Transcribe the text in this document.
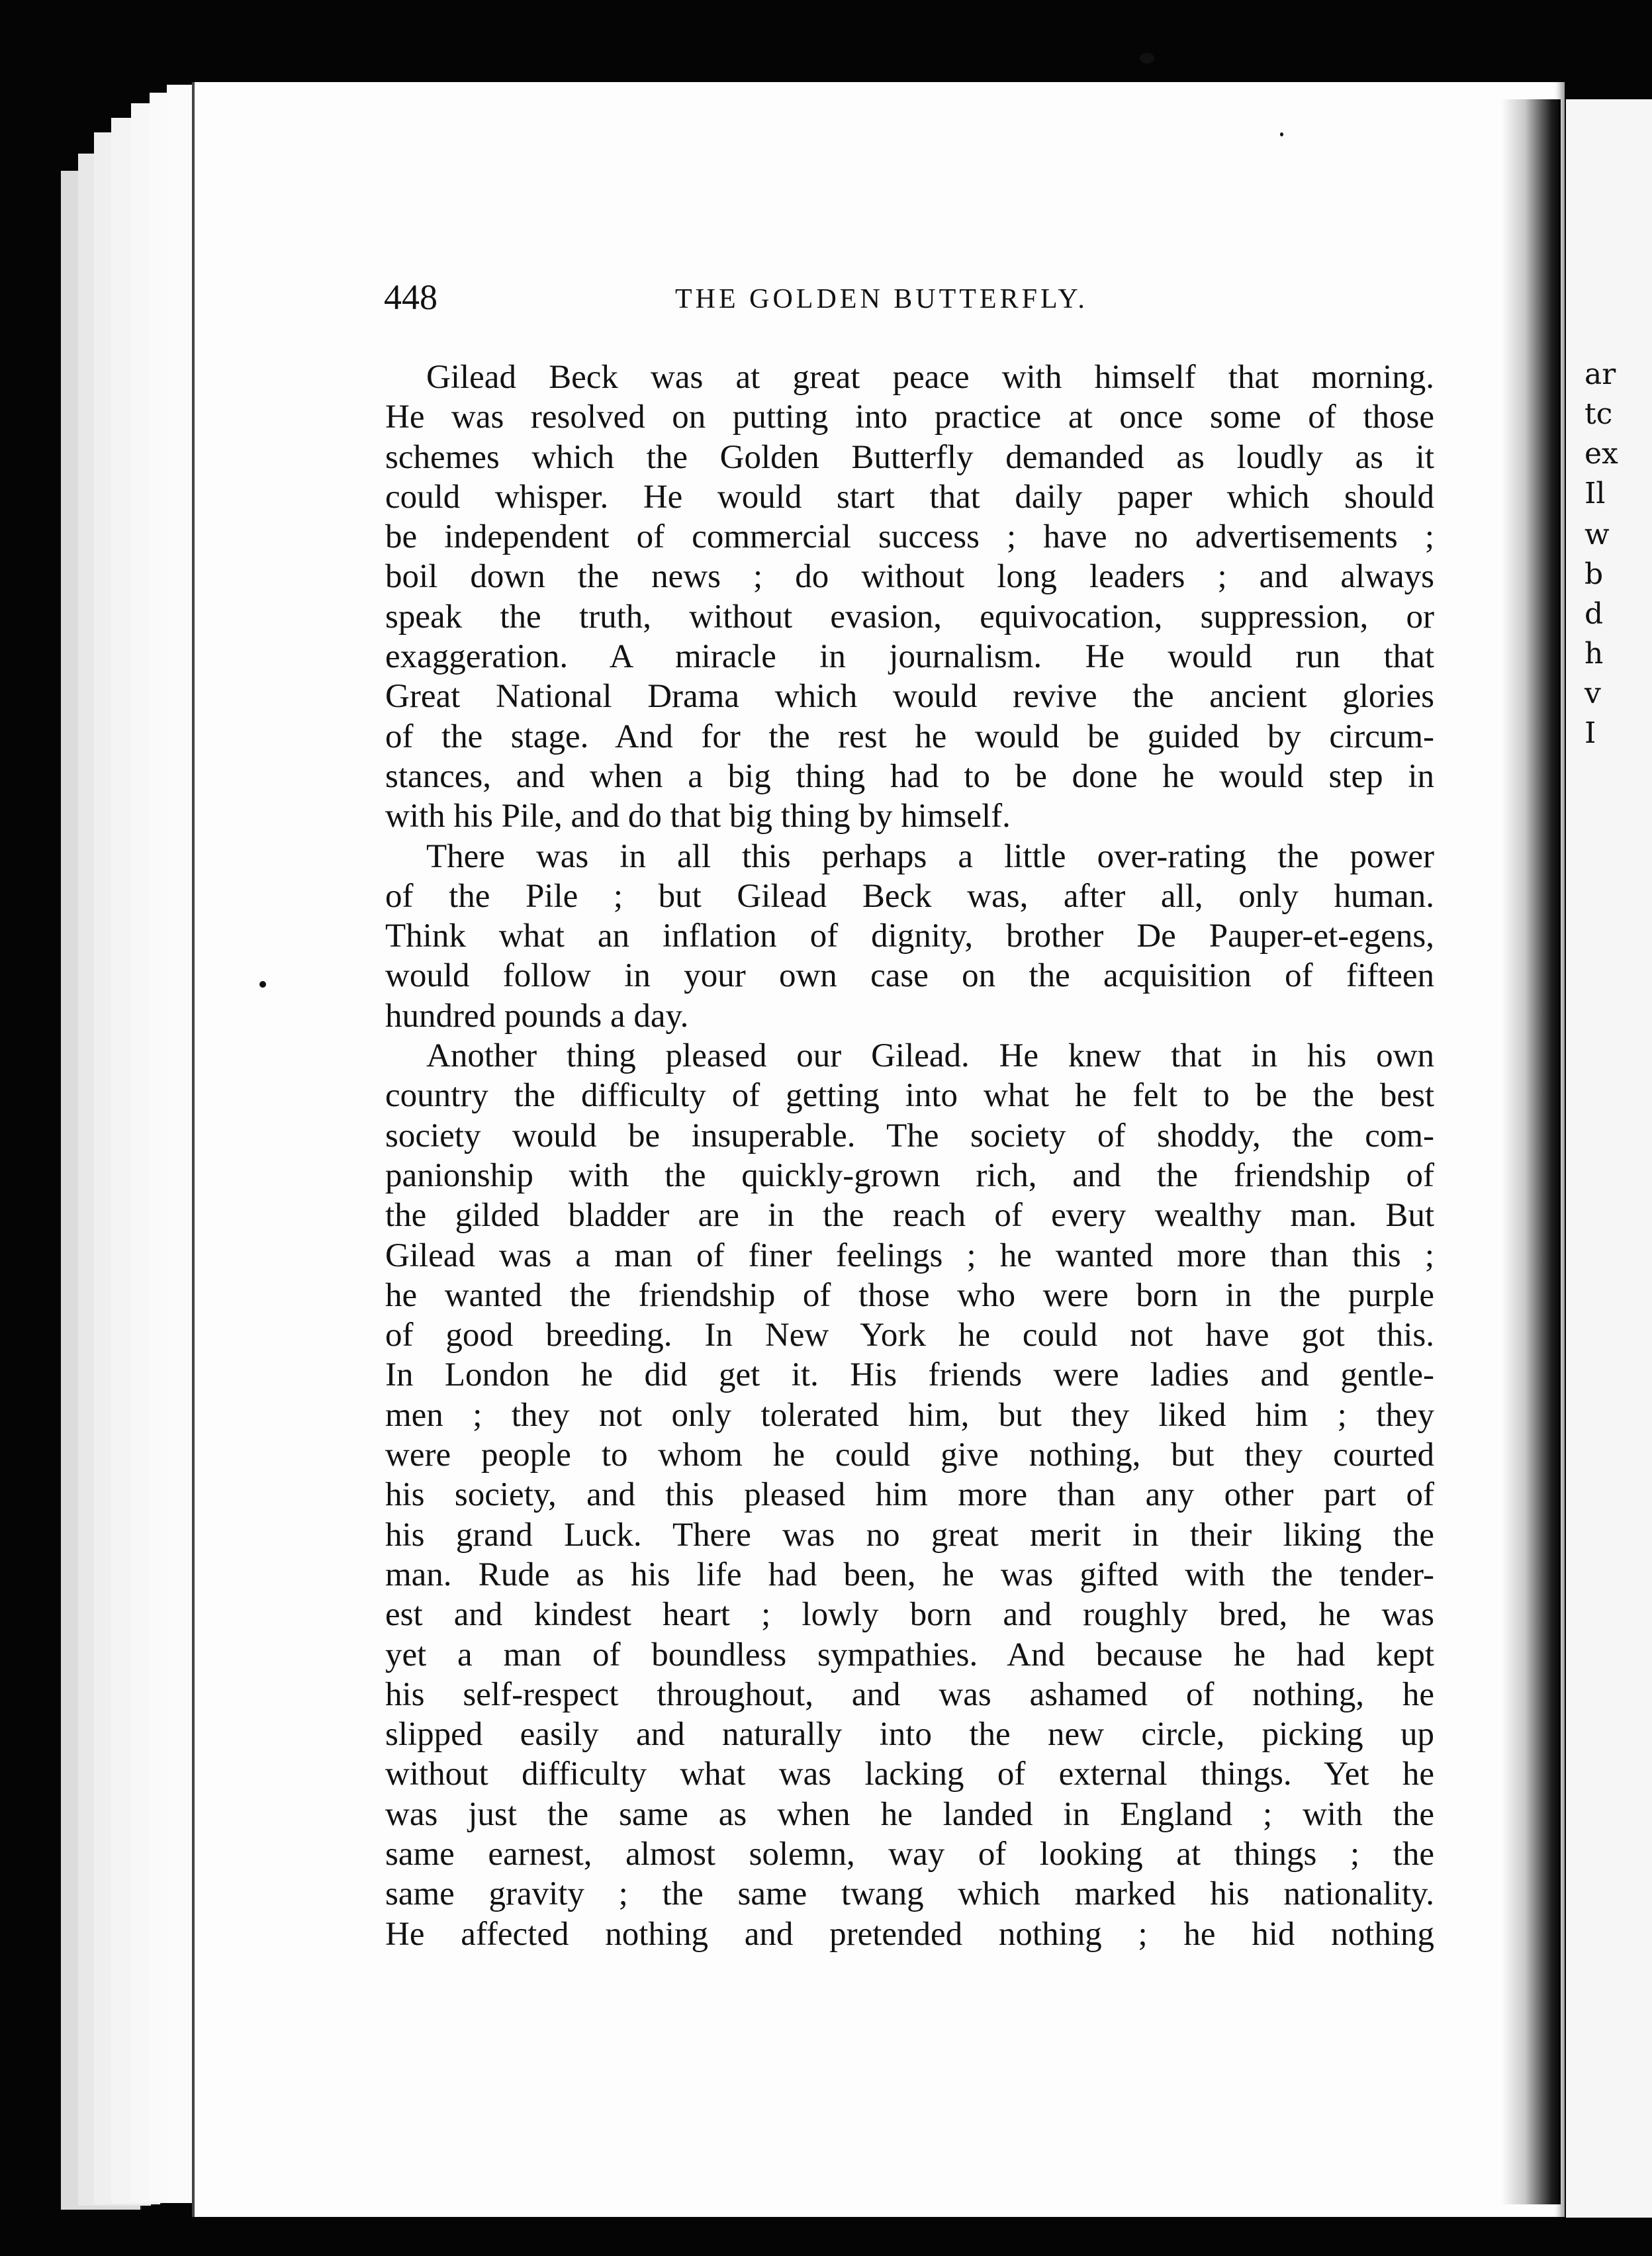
ar
tc
ex
Il
w
b
d
h
v
I
448	THE GOLDEN BUTTERFLY.
Gilead Beck was at great peace with himself that morning.
He was resolved on putting into practice at once some of those
schemes which the Golden Butterfly demanded as loudly as it
could whisper. He would start that daily paper which should
be independent of commercial success ; have no advertisements ;
boil down the news ; do without long leaders ; and always
speak the truth, without evasion, equivocation, suppression, or
exaggeration. A miracle in journalism. He would run that
Great National Drama which would revive the ancient glories
of the stage. And for the rest he would be guided by circum-
stances, and when a big thing had to be done he would step in
with his Pile, and do that big thing by himself.
There was in all this perhaps a little over-rating the power
of the Pile ; but Gilead Beck was, after all, only human.
Think what an inflation of dignity, brother De Pauper-et-egens,
would follow in your own case on the acquisition of fifteen
hundred pounds a day.
Another thing pleased our Gilead. He knew that in his own
country the difficulty of getting into what he felt to be the best
society would be insuperable. The society of shoddy, the com-
panionship with the quickly-grown rich, and the friendship of
the gilded bladder are in the reach of every wealthy man. But
Gilead was a man of finer feelings ; he wanted more than this ;
he wanted the friendship of those who were born in the purple
of good breeding. In New York he could not have got this.
In London he did get it. His friends were ladies and gentle-
men ; they not only tolerated him, but they liked him ; they
were people to whom he could give nothing, but they courted
his society, and this pleased him more than any other part of
his grand Luck. There was no great merit in their liking the
man. Rude as his life had been, he was gifted with the tender-
est and kindest heart ; lowly born and roughly bred, he was
yet a man of boundless sympathies. And because he had kept
his self-respect throughout, and was ashamed of nothing, he
slipped easily and naturally into the new circle, picking up
without difficulty what was lacking of external things. Yet he
was just the same as when he landed in England ; with the
same earnest, almost solemn, way of looking at things ; the
same gravity ; the same twang which marked his nationality.
He affected nothing and pretended nothing ; he hid nothing
